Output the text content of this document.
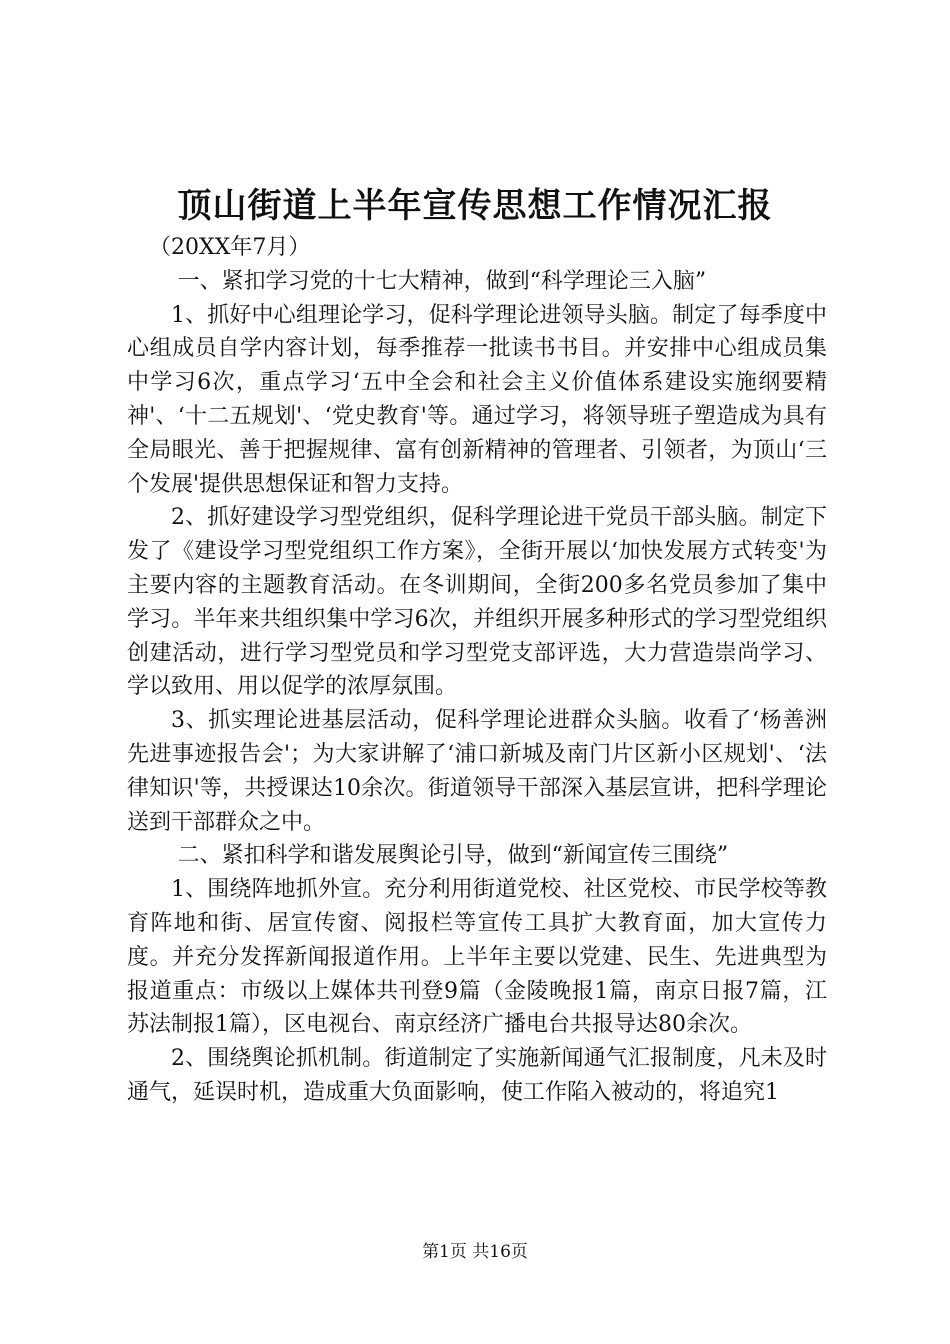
顶山街道上半年宣传思想工作情况汇报

（20XX年7月）

一、紧扣学习党的十七大精神，做到“科学理论三入脑”

1、抓好中心组理论学习，促科学理论进领导头脑。制定了每季度中心组成员自学内容计划，每季推荐一批读书书目。并安排中心组成员集中学习6次，重点学习‘五中全会和社会主义价值体系建设实施纲要精神'、‘十二五规划'、‘党史教育'等。通过学习，将领导班子塑造成为具有全局眼光、善于把握规律、富有创新精神的管理者、引领者，为顶山‘三个发展'提供思想保证和智力支持。

2、抓好建设学习型党组织，促科学理论进干党员干部头脑。制定下发了《建设学习型党组织工作方案》，全街开展以‘加快发展方式转变'为主要内容的主题教育活动。在冬训期间，全街200多名党员参加了集中学习。半年来共组织集中学习6次，并组织开展多种形式的学习型党组织创建活动，进行学习型党员和学习型党支部评选，大力营造崇尚学习、学以致用、用以促学的浓厚氛围。

3、抓实理论进基层活动，促科学理论进群众头脑。收看了‘杨善洲先进事迹报告会'；为大家讲解了‘浦口新城及南门片区新小区规划'、‘法律知识'等，共授课达10余次。街道领导干部深入基层宣讲，把科学理论送到干部群众之中。

二、紧扣科学和谐发展舆论引导，做到“新闻宣传三围绕”

1、围绕阵地抓外宣。充分利用街道党校、社区党校、市民学校等教育阵地和街、居宣传窗、阅报栏等宣传工具扩大教育面，加大宣传力度。并充分发挥新闻报道作用。上半年主要以党建、民生、先进典型为报道重点：市级以上媒体共刊登9篇（金陵晚报1篇，南京日报7篇，江苏法制报1篇），区电视台、南京经济广播电台共报导达80余次。

2、围绕舆论抓机制。街道制定了实施新闻通气汇报制度，凡未及时通气，延误时机，造成重大负面影响，使工作陷入被动的，将追究1

第1页 共16页
